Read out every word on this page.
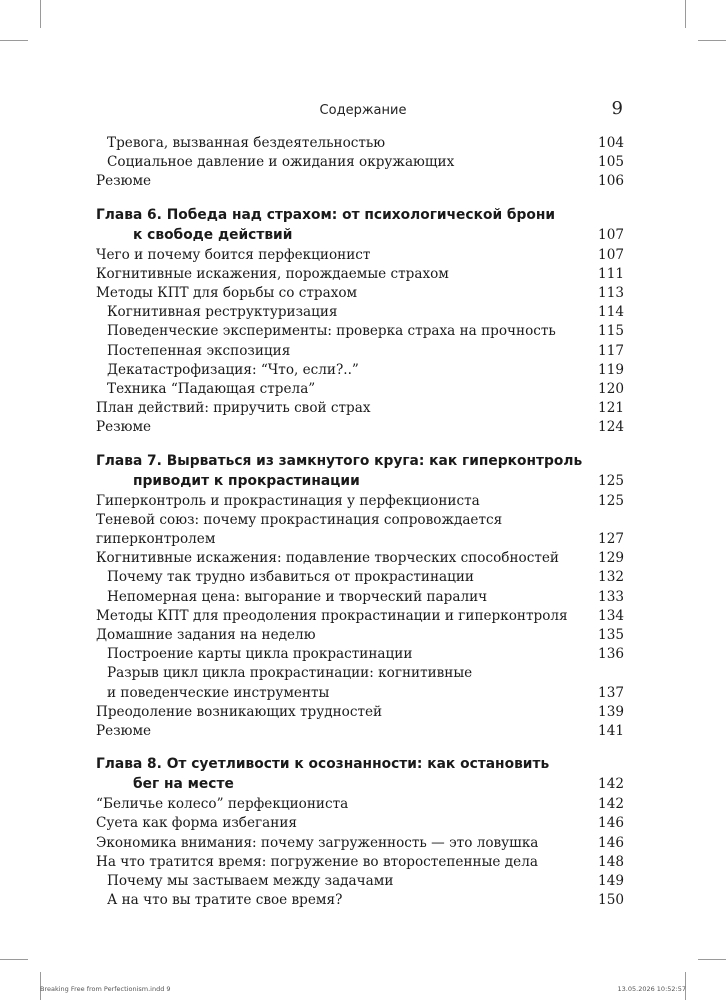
Содержание	9
Тревога, вызванная бездеятельностью	104
Социальное давление и ожидания окружающих	105
Резюме	106
Глава 6. Победа над страхом: от психологической брони
к свободе действий	107
Чего и почему боится перфекционист	107
Когнитивные искажения, порождаемые страхом	111
Методы КПТ для борьбы со страхом	113
Когнитивная реструктуризация	114
Поведенческие эксперименты: проверка страха на прочность	115
Постепенная экспозиция	117
Декатастрофизация: “Что, если?..”	119
Техника “Падающая стрела”	120
План действий: приручить свой страх	121
Резюме	124
Глава 7. Вырваться из замкнутого круга: как гиперконтроль
приводит к прокрастинации	125
Гиперконтроль и прокрастинация у перфекциониста	125
Теневой союз: почему прокрастинация сопровождается
гиперконтролем	127
Когнитивные искажения: подавление творческих способностей	129
Почему так трудно избавиться от прокрастинации	132
Непомерная цена: выгорание и творческий паралич	133
Методы КПТ для преодоления прокрастинации и гиперконтроля	134
Домашние задания на неделю	135
Построение карты цикла прокрастинации	136
Разрыв цикл цикла прокрастинации: когнитивные
и поведенческие инструменты	137
Преодоление возникающих трудностей	139
Резюме	141
Глава 8. От суетливости к осознанности: как остановить
бег на месте	142
“Беличье колесо” перфекциониста	142
Суета как форма избегания	146
Экономика внимания: почему загруженность — это ловушка	146
На что тратится время: погружение во второстепенные дела	148
Почему мы застываем между задачами	149
А на что вы тратите свое время?	150
Breaking Free from Perfectionism.indd 9	13.05.2026 10:52:57
